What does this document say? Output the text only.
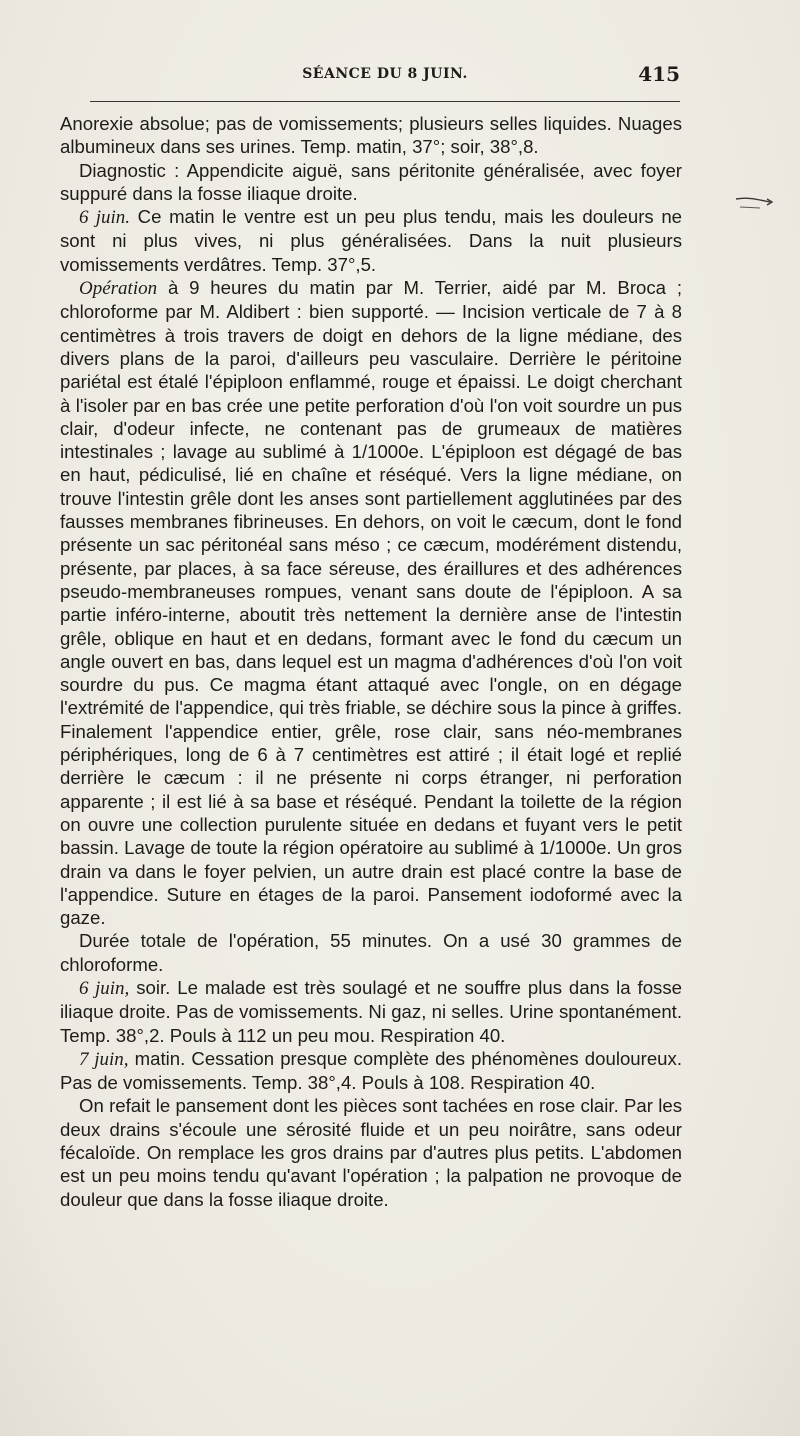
SÉANCE DU 8 JUIN.	415

Anorexie absolue; pas de vomissements; plusieurs selles liquides. Nuages albumineux dans ses urines. Temp. matin, 37°; soir, 38°,8.

Diagnostic : Appendicite aiguë, sans péritonite généralisée, avec foyer suppuré dans la fosse iliaque droite.

6 juin. Ce matin le ventre est un peu plus tendu, mais les douleurs ne sont ni plus vives, ni plus généralisées. Dans la nuit plusieurs vomissements verdâtres. Temp. 37°,5.

Opération à 9 heures du matin par M. Terrier, aidé par M. Broca ; chloroforme par M. Aldibert : bien supporté. — Incision verticale de 7 à 8 centimètres à trois travers de doigt en dehors de la ligne médiane, des divers plans de la paroi, d'ailleurs peu vasculaire. Derrière le péritoine pariétal est étalé l'épiploon enflammé, rouge et épaissi. Le doigt cherchant à l'isoler par en bas crée une petite perforation d'où l'on voit sourdre un pus clair, d'odeur infecte, ne contenant pas de grumeaux de matières intestinales ; lavage au sublimé à 1/1000e. L'épiploon est dégagé de bas en haut, pédiculisé, lié en chaîne et réséqué. Vers la ligne médiane, on trouve l'intestin grêle dont les anses sont partiellement agglutinées par des fausses membranes fibrineuses. En dehors, on voit le cæcum, dont le fond présente un sac péritonéal sans méso ; ce cæcum, modérément distendu, présente, par places, à sa face séreuse, des éraillures et des adhérences pseudo-membraneuses rompues, venant sans doute de l'épiploon. A sa partie inféro-interne, aboutit très nettement la dernière anse de l'intestin grêle, oblique en haut et en dedans, formant avec le fond du cæcum un angle ouvert en bas, dans lequel est un magma d'adhérences d'où l'on voit sourdre du pus. Ce magma étant attaqué avec l'ongle, on en dégage l'extrémité de l'appendice, qui très friable, se déchire sous la pince à griffes. Finalement l'appendice entier, grêle, rose clair, sans néo-membranes périphériques, long de 6 à 7 centimètres est attiré ; il était logé et replié derrière le cæcum : il ne présente ni corps étranger, ni perforation apparente ; il est lié à sa base et réséqué. Pendant la toilette de la région on ouvre une collection purulente située en dedans et fuyant vers le petit bassin. Lavage de toute la région opératoire au sublimé à 1/1000e. Un gros drain va dans le foyer pelvien, un autre drain est placé contre la base de l'appendice. Suture en étages de la paroi. Pansement iodoformé avec la gaze.

Durée totale de l'opération, 55 minutes. On a usé 30 grammes de chloroforme.

6 juin, soir. Le malade est très soulagé et ne souffre plus dans la fosse iliaque droite. Pas de vomissements. Ni gaz, ni selles. Urine spontanément. Temp. 38°,2. Pouls à 112 un peu mou. Respiration 40.

7 juin, matin. Cessation presque complète des phénomènes douloureux. Pas de vomissements. Temp. 38°,4. Pouls à 108. Respiration 40.

On refait le pansement dont les pièces sont tachées en rose clair. Par les deux drains s'écoule une sérosité fluide et un peu noirâtre, sans odeur fécaloïde. On remplace les gros drains par d'autres plus petits. L'abdomen est un peu moins tendu qu'avant l'opération ; la palpation ne provoque de douleur que dans la fosse iliaque droite.
